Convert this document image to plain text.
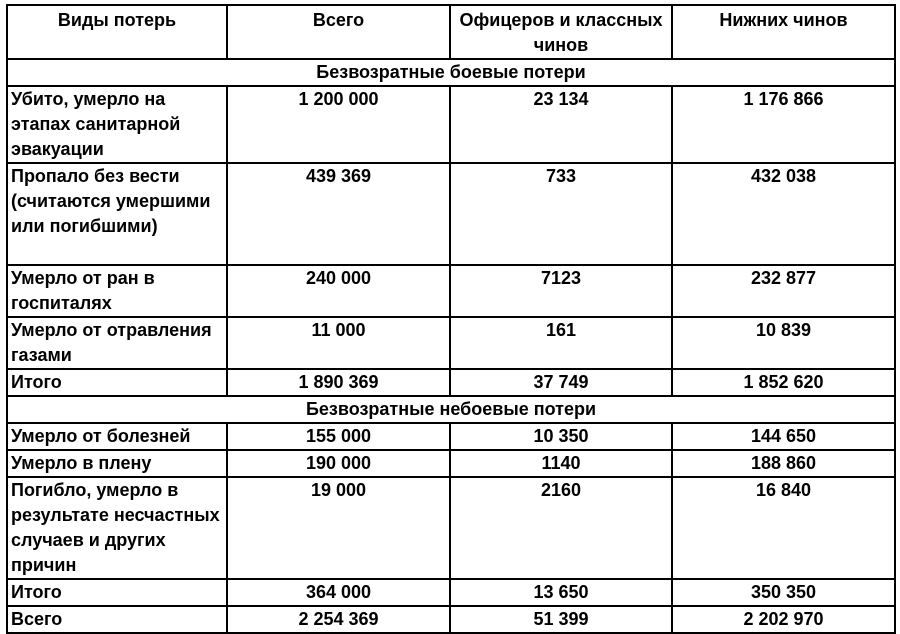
Виды потерь	Всего	Офицеров и классных чинов	Нижних чинов
Безвозратные боевые потери			
Убито, умерло на этапах санитарной эвакуации	1 200 000	23 134	1 176 866
Пропало без вести (считаются умершими или погибшими)	439 369	733	432 038
Умерло от ран в госпиталях	240 000	7123	232 877
Умерло от отравления газами	11 000	161	10 839
Итого	1 890 369	37 749	1 852 620
Безвозратные небоевые потери			
Умерло от болезней	155 000	10 350	144 650
Умерло в плену	190 000	1140	188 860
Погибло, умерло в результате несчастных случаев и других причин	19 000	2160	16 840
Итого	364 000	13 650	350 350
Всего	2 254 369	51 399	2 202 970
